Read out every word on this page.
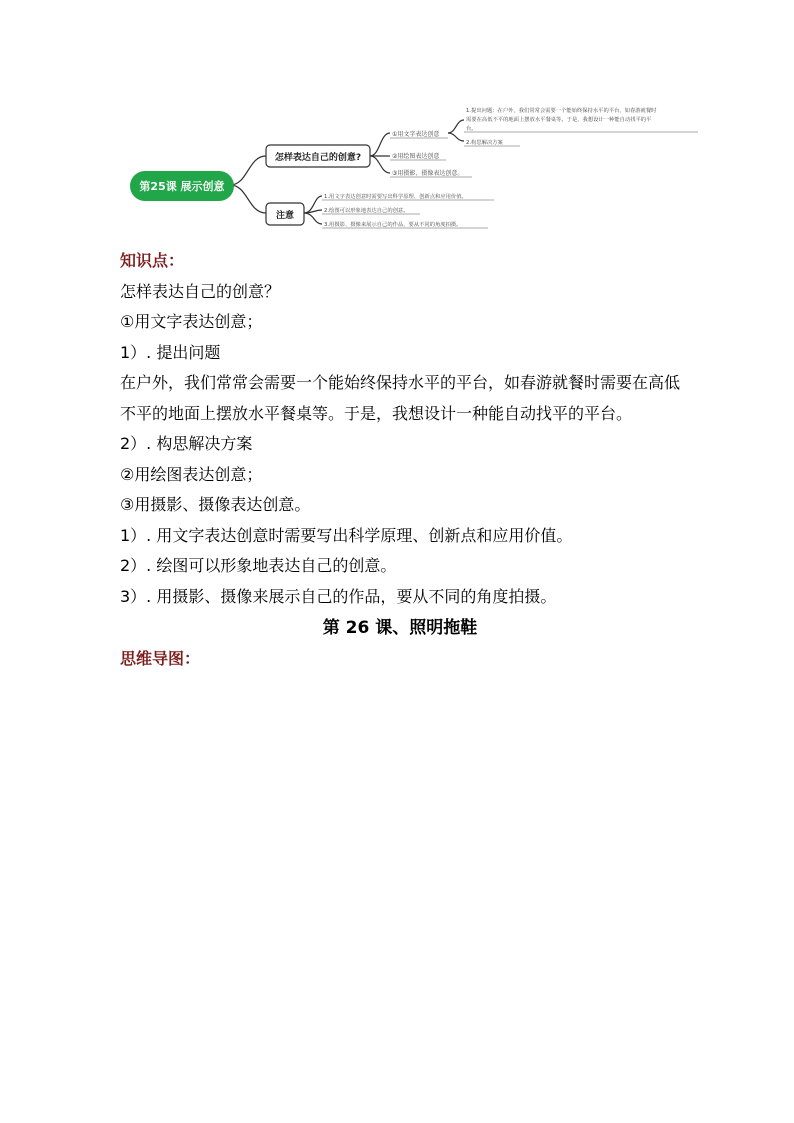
第25课 展示创意
怎样表达自己的创意?
注意
①用文字表达创意
②用绘图表达创意
③用摄影、摄像表达创意。
1.提出问题：在户外，我们常常会需要一个能始终保持水平的平台，如春游就餐时
需要在高低不平的地面上摆放水平餐桌等。于是，我想设计一种能自动找平的平
台。
2.构思解决方案
1.用文字表达创意时需要写出科学原理、创新点和应用价值。
2.绘图可以形象地表达自己的创意。
3.用摄影、摄像来展示自己的作品，要从不同的角度拍摄。
知识点：
怎样表达自己的创意？
①用文字表达创意；
1）. 提出问题
在户外，我们常常会需要一个能始终保持水平的平台，如春游就餐时需要在高低
不平的地面上摆放水平餐桌等。于是，我想设计一种能自动找平的平台。
2）. 构思解决方案
②用绘图表达创意；
③用摄影、摄像表达创意。
1）. 用文字表达创意时需要写出科学原理、创新点和应用价值。
2）. 绘图可以形象地表达自己的创意。
3）. 用摄影、摄像来展示自己的作品，要从不同的角度拍摄。
第 26 课、照明拖鞋
思维导图：
